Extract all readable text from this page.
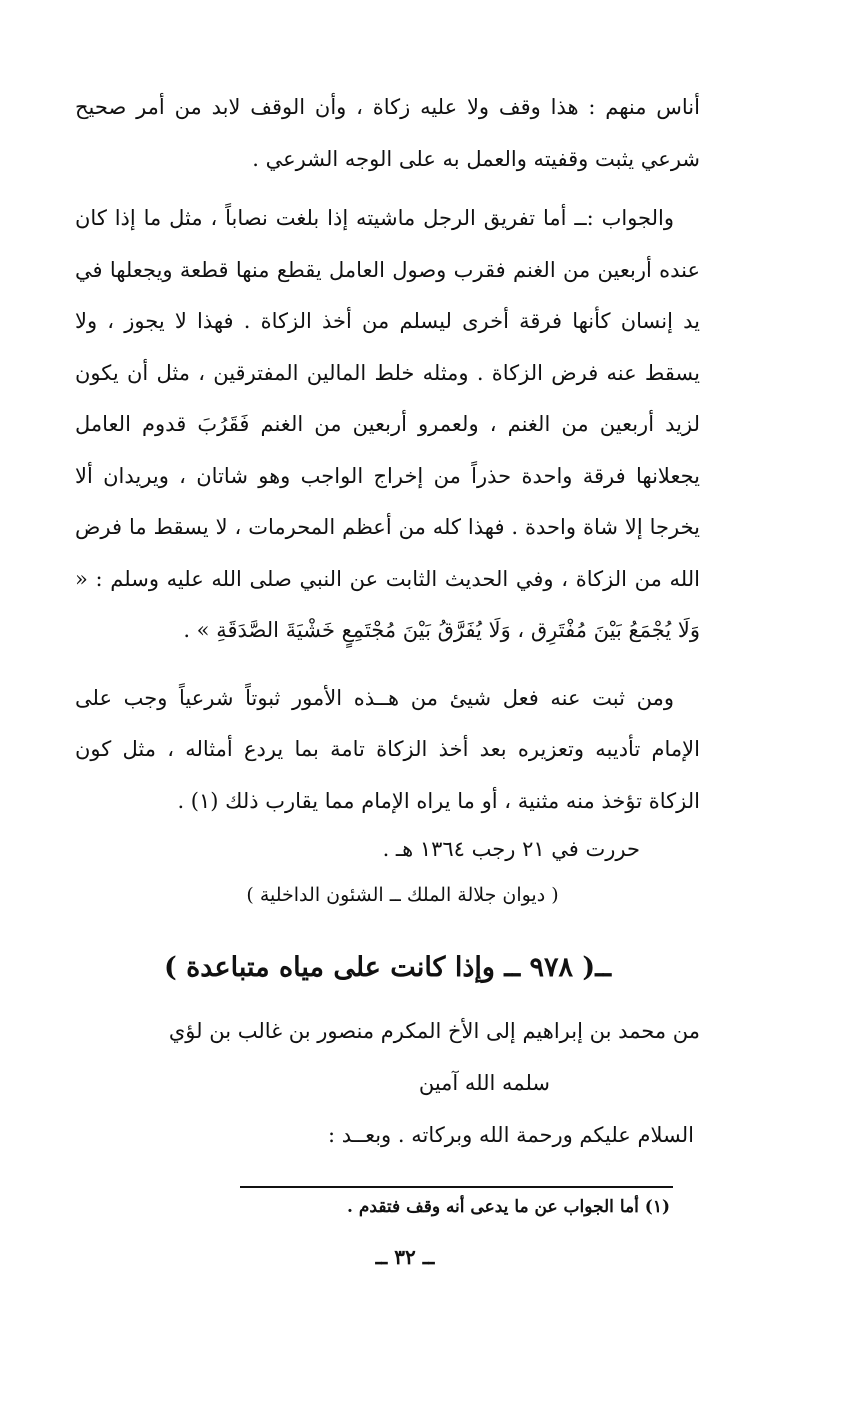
أناس منهم : هذا وقف ولا عليه زكاة ، وأن الوقف لابد من أمر صحيح شرعي يثبت وقفيته والعمل به على الوجه الشرعي .

والجواب :ــ أما تفريق الرجل ماشيته إذا بلغت نصاباً ، مثل ما إذا كان عنده أربعين من الغنم فقرب وصول العامل يقطع منها قطعة ويجعلها في يد إنسان كأنها فرقة أخرى ليسلم من أخذ الزكاة . فهذا لا يجوز ، ولا يسقط عنه فرض الزكاة . ومثله خلط المالين المفترقين ، مثل أن يكون لزيد أربعين من الغنم ، ولعمرو أربعين من الغنم فَقَرُبَ قدوم العامل يجعلانها فرقة واحدة حذراً من إخراج الواجب وهو شاتان ، ويريدان ألا يخرجا إلا شاة واحدة . فهذا كله من أعظم المحرمات ، لا يسقط ما فرض الله من الزكاة ، وفي الحديث الثابت عن النبي صلى الله عليه وسلم : « وَلَا يُجْمَعُ بَيْنَ مُفْتَرِق ، وَلَا يُفَرَّقُ بَيْنَ مُجْتَمِعٍ خَشْيَةَ الصَّدَقَةِ » .

ومن ثبت عنه فعل شيئ من هــذه الأمور ثبوتاً شرعياً وجب على الإمام تأديبه وتعزيره بعد أخذ الزكاة تامة بما يردع أمثاله ، مثل كون الزكاة تؤخذ منه مثنية ، أو ما يراه الإمام مما يقارب ذلك (١) .

حررت في ٢١ رجب ١٣٦٤ هـ .

( ديوان جلالة الملك ــ الشئون الداخلية )

ــ( ٩٧٨ ــ وإذا كانت على مياه متباعدة )

من محمد بن إبراهيم إلى الأخ المكرم منصور بن غالب بن لؤي

سلمه الله آمين

السلام عليكم ورحمة الله وبركاته . وبعــد :

(١) أما الجواب عن ما يدعى أنه وقف فتقدم .
ــ ٣٢ ــ
